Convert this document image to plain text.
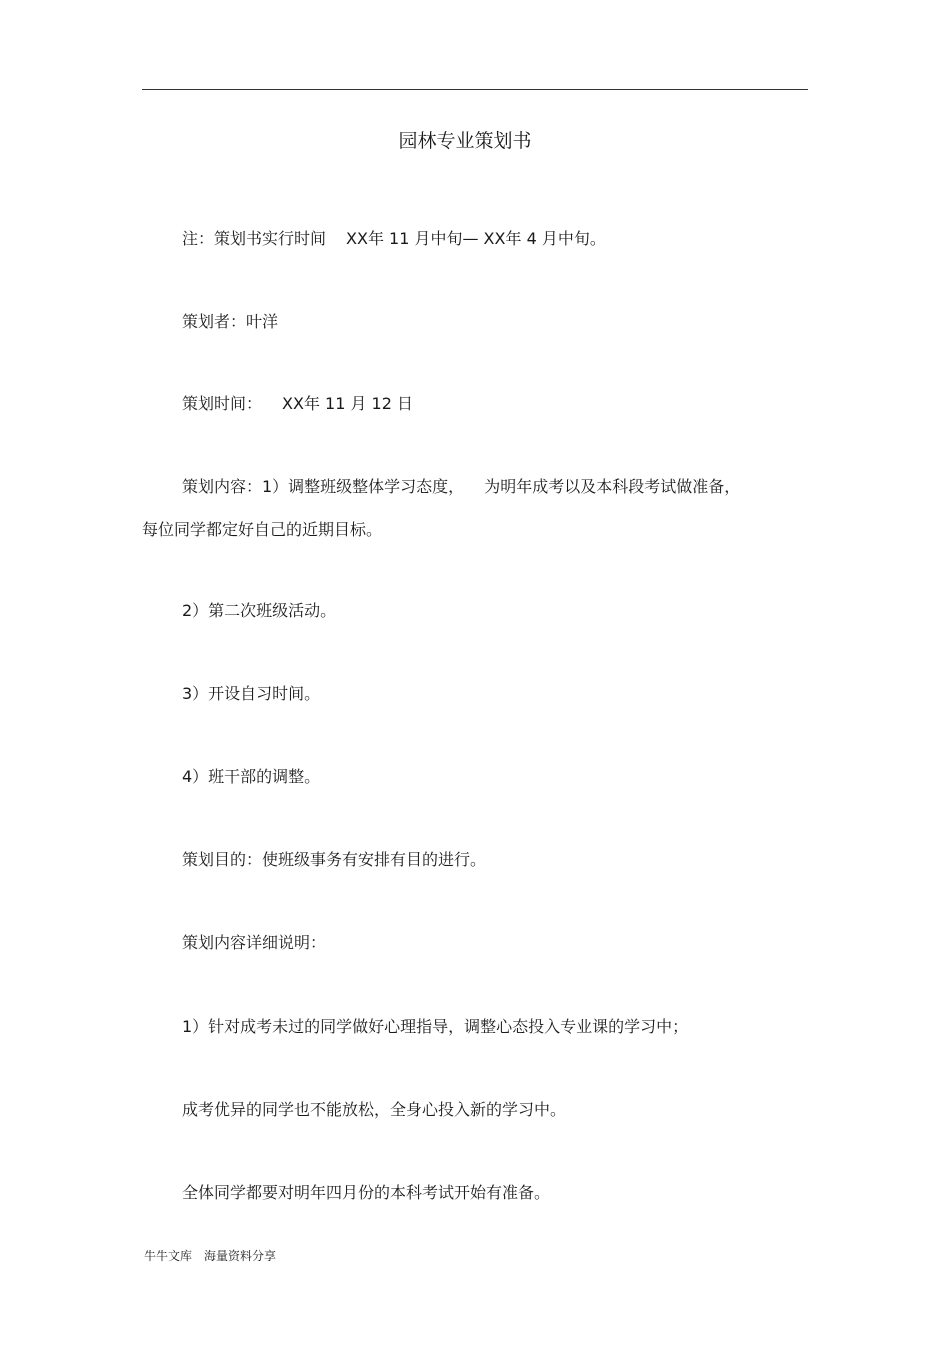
园林专业策划书
注：策划书实行时间 XX年 11 月中旬— XX年 4 月中旬。
策划者：叶洋
策划时间： XX年 11 月 12 日
策划内容：1）调整班级整体学习态度， 为明年成考以及本科段考试做准备，
每位同学都定好自己的近期目标。
2）第二次班级活动。
3）开设自习时间。
4）班干部的调整。
策划目的：使班级事务有安排有目的进行。
策划内容详细说明：
1）针对成考未过的同学做好心理指导，调整心态投入专业课的学习中；
成考优异的同学也不能放松，全身心投入新的学习中。
全体同学都要对明年四月份的本科考试开始有准备。
牛牛文库 海量资料分享
